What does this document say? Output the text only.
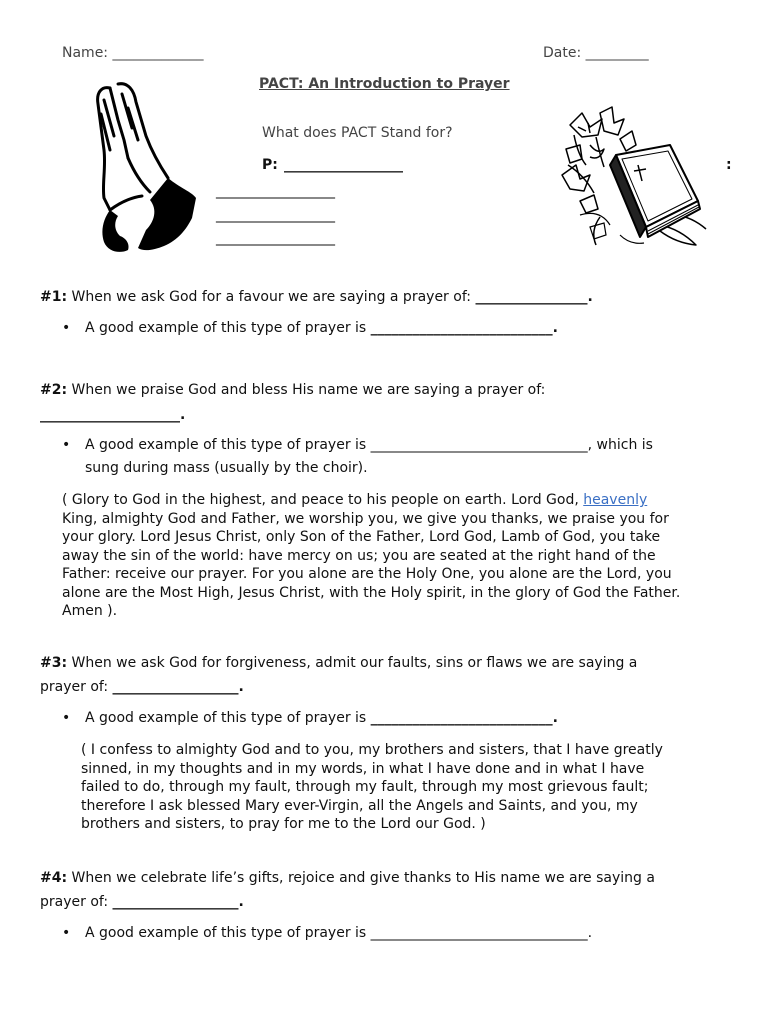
Name: _____________	Date: _________
PACT: An Introduction to Prayer
What does PACT Stand for?
P: _________________	:
_________________
_________________
_________________
#1: When we ask God for a favour we are saying a prayer of: ________________.
• A good example of this type of prayer is __________________________.
#2: When we praise God and bless His name we are saying a prayer of:
____________________.
• A good example of this type of prayer is _______________________________, which is
sung during mass (usually by the choir).
( Glory to God in the highest, and peace to his people on earth. Lord God, heavenly
King, almighty God and Father, we worship you, we give you thanks, we praise you for
your glory. Lord Jesus Christ, only Son of the Father, Lord God, Lamb of God, you take
away the sin of the world: have mercy on us; you are seated at the right hand of the
Father: receive our prayer. For you alone are the Holy One, you alone are the Lord, you
alone are the Most High, Jesus Christ, with the Holy spirit, in the glory of God the Father.
Amen ).
#3: When we ask God for forgiveness, admit our faults, sins or flaws we are saying a
prayer of: __________________.
• A good example of this type of prayer is __________________________.
( I confess to almighty God and to you, my brothers and sisters, that I have greatly
sinned, in my thoughts and in my words, in what I have done and in what I have
failed to do, through my fault, through my fault, through my most grievous fault;
therefore I ask blessed Mary ever-Virgin, all the Angels and Saints, and you, my
brothers and sisters, to pray for me to the Lord our God. )
#4: When we celebrate life’s gifts, rejoice and give thanks to His name we are saying a
prayer of: __________________.
• A good example of this type of prayer is _______________________________.
